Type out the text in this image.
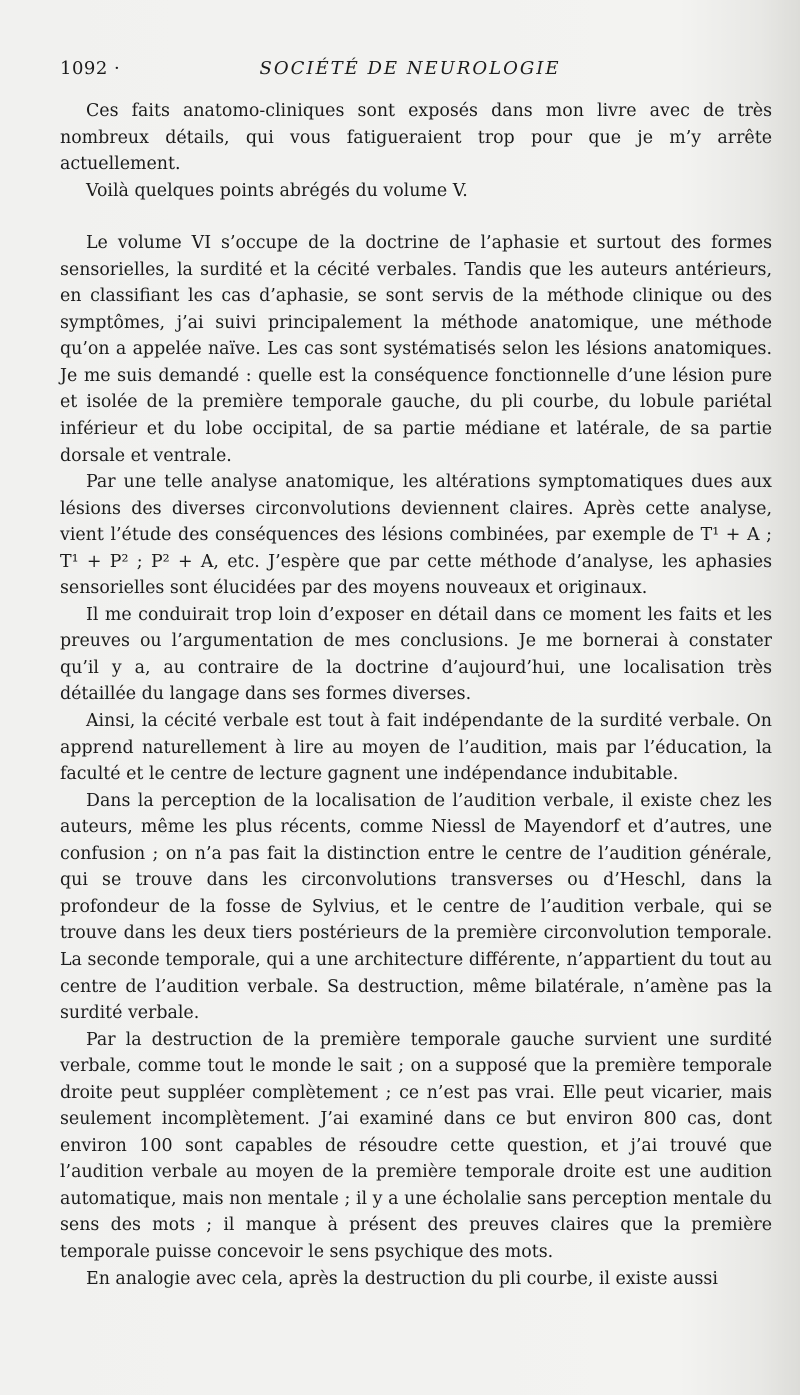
1092 ·	SOCIÉTÉ DE NEUROLOGIE

Ces faits anatomo-cliniques sont exposés dans mon livre avec de très nombreux détails, qui vous fatigueraient trop pour que je m’y arrête actuellement.

Voilà quelques points abrégés du volume V.

Le volume VI s’occupe de la doctrine de l’aphasie et surtout des formes sensorielles, la surdité et la cécité verbales. Tandis que les auteurs antérieurs, en classifiant les cas d’aphasie, se sont servis de la méthode clinique ou des symptômes, j’ai suivi principalement la méthode anatomique, une méthode qu’on a appelée naïve. Les cas sont systématisés selon les lésions anatomiques. Je me suis demandé : quelle est la conséquence fonctionnelle d’une lésion pure et isolée de la première temporale gauche, du pli courbe, du lobule pariétal inférieur et du lobe occipital, de sa partie médiane et latérale, de sa partie dorsale et ventrale.

Par une telle analyse anatomique, les altérations symptomatiques dues aux lésions des diverses circonvolutions deviennent claires. Après cette analyse, vient l’étude des conséquences des lésions combinées, par exemple de T¹ + A ; T¹ + P² ; P² + A, etc. J’espère que par cette méthode d’analyse, les aphasies sensorielles sont élucidées par des moyens nouveaux et originaux.

Il me conduirait trop loin d’exposer en détail dans ce moment les faits et les preuves ou l’argumentation de mes conclusions. Je me bornerai à constater qu’il y a, au contraire de la doctrine d’aujourd’hui, une localisation très détaillée du langage dans ses formes diverses.

Ainsi, la cécité verbale est tout à fait indépendante de la surdité verbale. On apprend naturellement à lire au moyen de l’audition, mais par l’éducation, la faculté et le centre de lecture gagnent une indépendance indubitable.

Dans la perception de la localisation de l’audition verbale, il existe chez les auteurs, même les plus récents, comme Niessl de Mayendorf et d’autres, une confusion ; on n’a pas fait la distinction entre le centre de l’audition générale, qui se trouve dans les circonvolutions transverses ou d’Heschl, dans la profondeur de la fosse de Sylvius, et le centre de l’audition verbale, qui se trouve dans les deux tiers postérieurs de la première circonvolution temporale. La seconde temporale, qui a une architecture différente, n’appartient du tout au centre de l’audition verbale. Sa destruction, même bilatérale, n’amène pas la surdité verbale.

Par la destruction de la première temporale gauche survient une surdité verbale, comme tout le monde le sait ; on a supposé que la première temporale droite peut suppléer complètement ; ce n’est pas vrai. Elle peut vicarier, mais seulement incomplètement. J’ai examiné dans ce but environ 800 cas, dont environ 100 sont capables de résoudre cette question, et j’ai trouvé que l’audition verbale au moyen de la première temporale droite est une audition automatique, mais non mentale ; il y a une écholalie sans perception mentale du sens des mots ; il manque à présent des preuves claires que la première temporale puisse concevoir le sens psychique des mots.

En analogie avec cela, après la destruction du pli courbe, il existe aussi
